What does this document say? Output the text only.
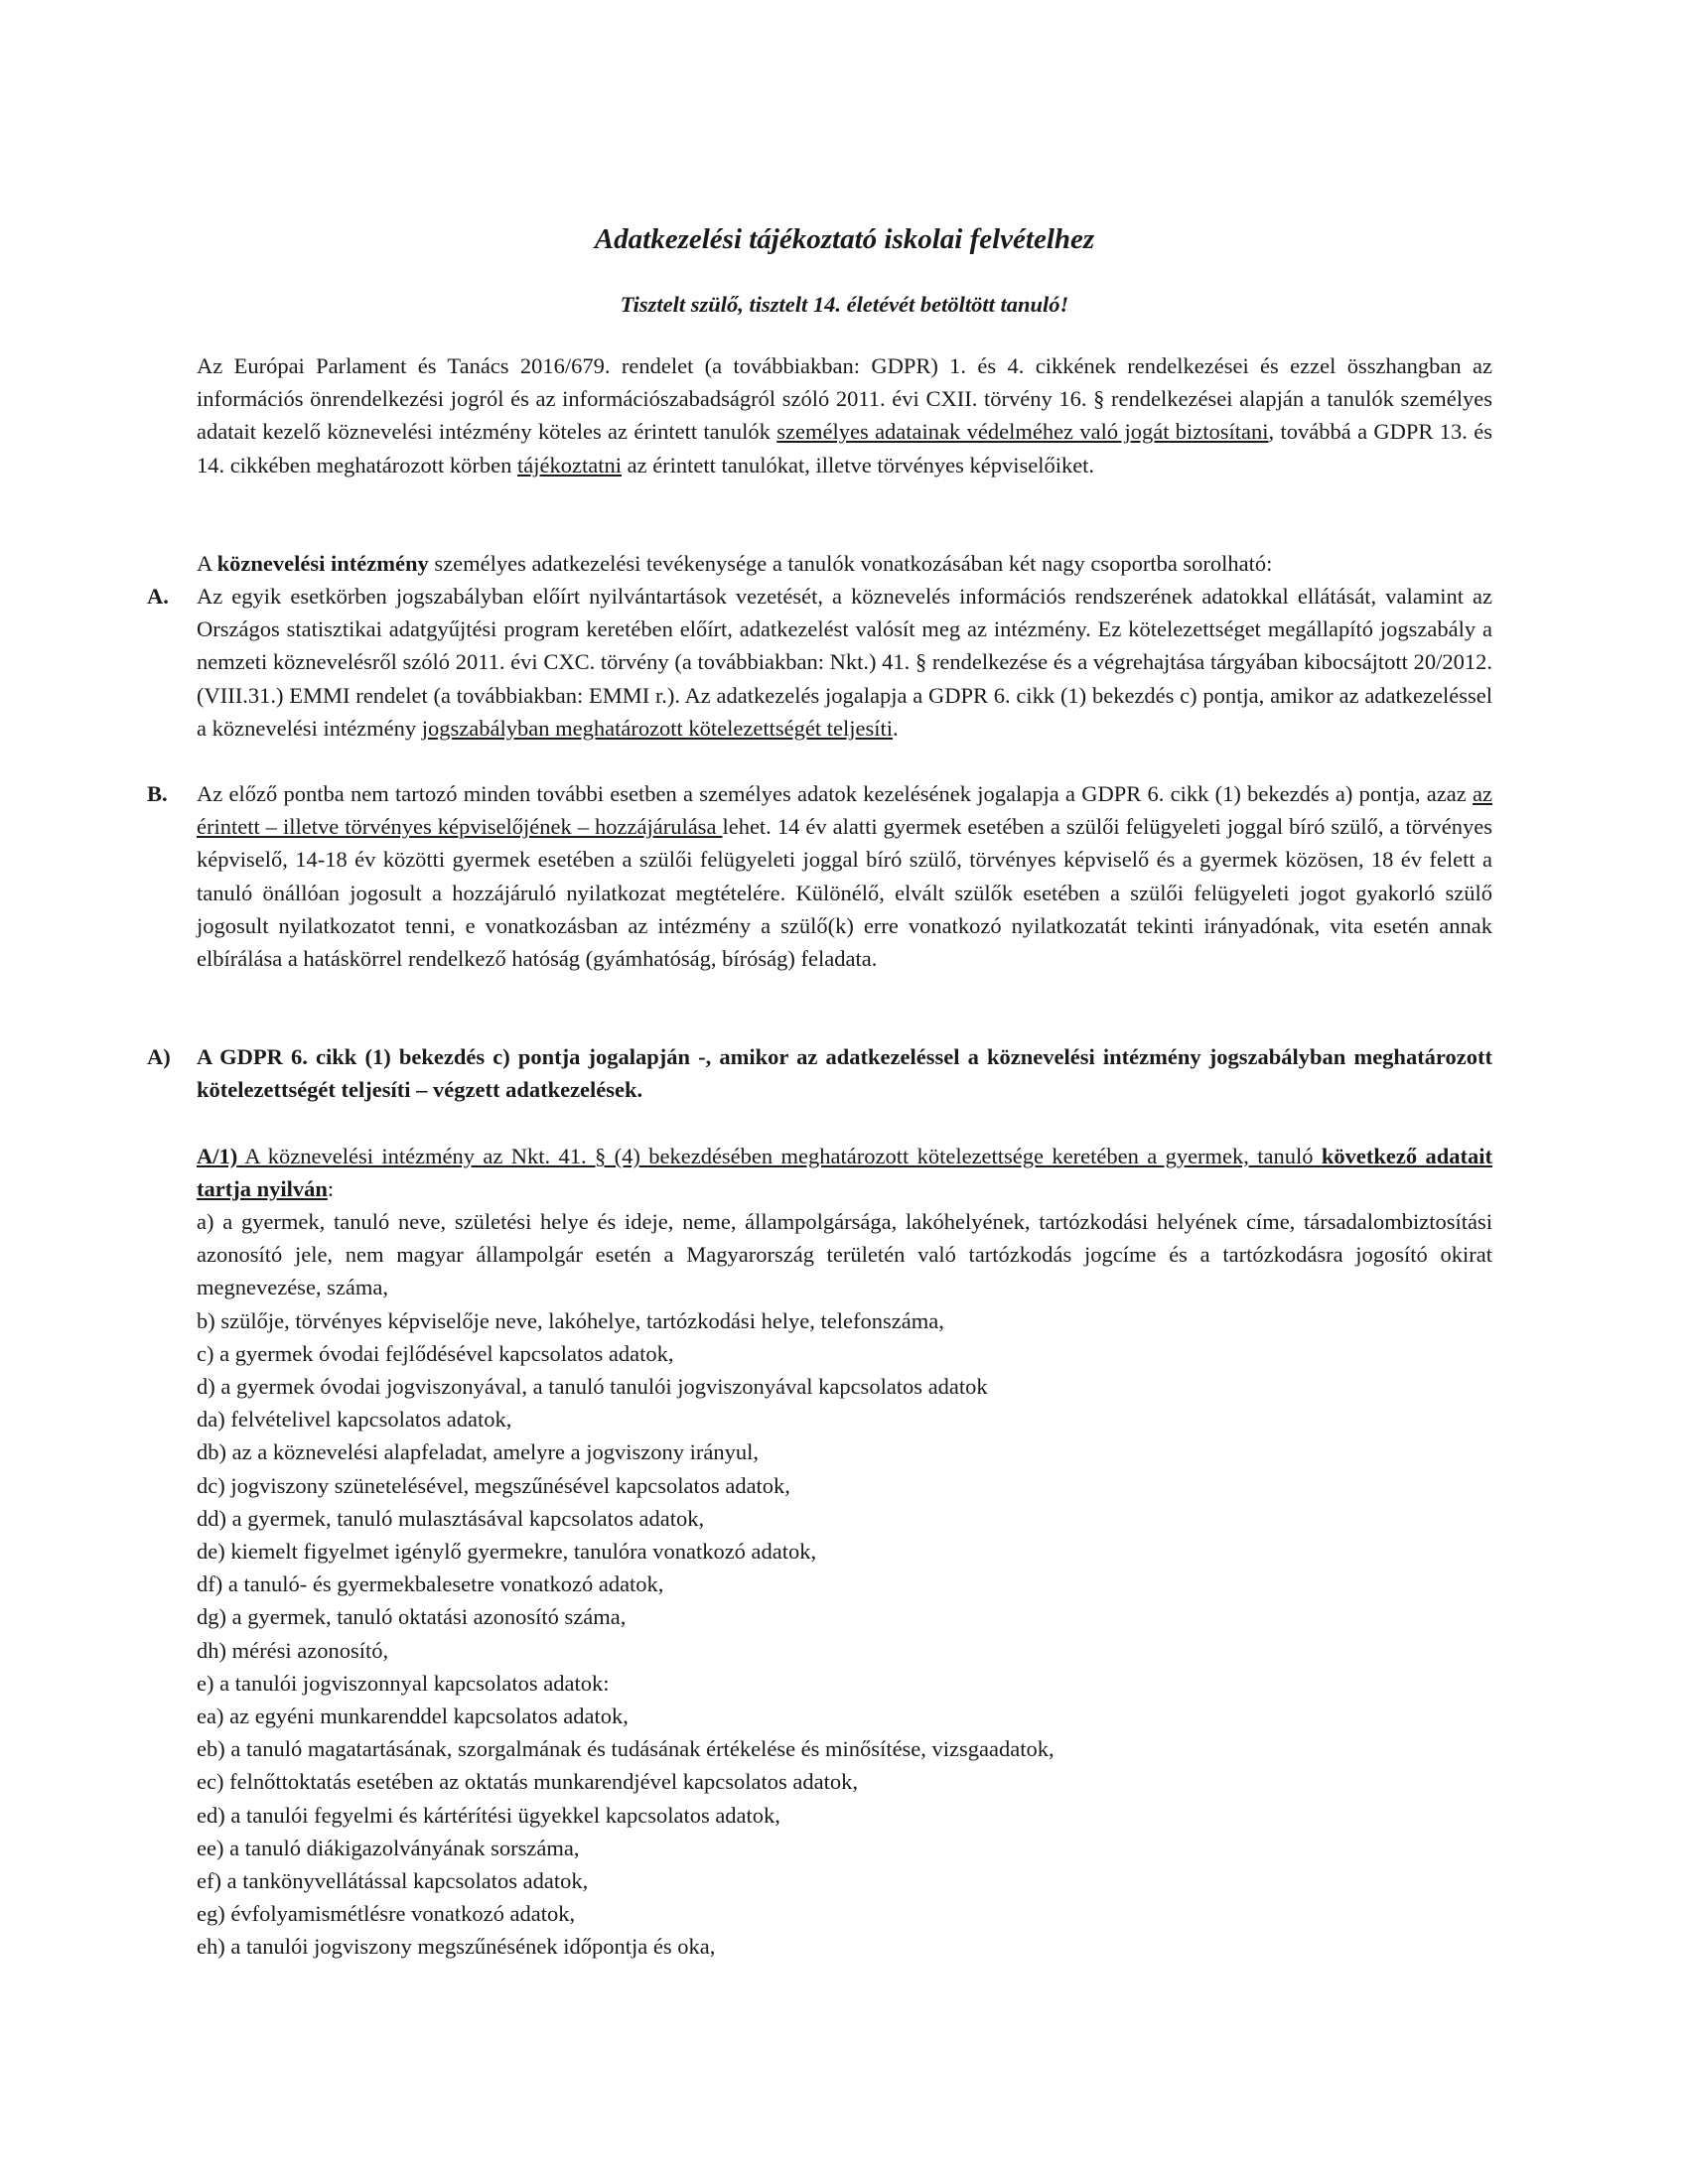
Adatkezelési tájékoztató iskolai felvételhez
Tisztelt szülő, tisztelt 14. életévét betöltött tanuló!
Az Európai Parlament és Tanács 2016/679. rendelet (a továbbiakban: GDPR) 1. és 4. cikkének rendelkezései és ezzel összhangban az információs önrendelkezési jogról és az információszabadságról szóló 2011. évi CXII. törvény 16. § rendelkezései alapján a tanulók személyes adatait kezelő köznevelési intézmény köteles az érintett tanulók személyes adatainak védelméhez való jogát biztosítani, továbbá a GDPR 13. és 14. cikkében meghatározott körben tájékoztatni az érintett tanulókat, illetve törvényes képviselőiket.
A köznevelési intézmény személyes adatkezelési tevékenysége a tanulók vonatkozásában két nagy csoportba sorolható:
A. Az egyik esetkörben jogszabályban előírt nyilvántartások vezetését, a köznevelés információs rendszerének adatokkal ellátását, valamint az Országos statisztikai adatgyűjtési program keretében előírt, adatkezelést valósít meg az intézmény. Ez kötelezettséget megállapító jogszabály a nemzeti köznevelésről szóló 2011. évi CXC. törvény (a továbbiakban: Nkt.) 41. § rendelkezése és a végrehajtása tárgyában kibocsájtott 20/2012. (VIII.31.) EMMI rendelet (a továbbiakban: EMMI r.). Az adatkezelés jogalapja a GDPR 6. cikk (1) bekezdés c) pontja, amikor az adatkezeléssel a köznevelési intézmény jogszabályban meghatározott kötelezettségét teljesíti.
B. Az előző pontba nem tartozó minden további esetben a személyes adatok kezelésének jogalapja a GDPR 6. cikk (1) bekezdés a) pontja, azaz az érintett – illetve törvényes képviselőjének – hozzájárulása lehet. 14 év alatti gyermek esetében a szülői felügyeleti joggal bíró szülő, a törvényes képviselő, 14-18 év közötti gyermek esetében a szülői felügyeleti joggal bíró szülő, törvényes képviselő és a gyermek közösen, 18 év felett a tanuló önállóan jogosult a hozzájáruló nyilatkozat megtételére. Különélő, elvált szülők esetében a szülői felügyeleti jogot gyakorló szülő jogosult nyilatkozatot tenni, e vonatkozásban az intézmény a szülő(k) erre vonatkozó nyilatkozatát tekinti irányadónak, vita esetén annak elbírálása a hatáskörrel rendelkező hatóság (gyámhatóság, bíróság) feladata.
A) A GDPR 6. cikk (1) bekezdés c) pontja jogalapján -, amikor az adatkezeléssel a köznevelési intézmény jogszabályban meghatározott kötelezettségét teljesíti – végzett adatkezelések.
A/1) A köznevelési intézmény az Nkt. 41. § (4) bekezdésében meghatározott kötelezettsége keretében a gyermek, tanuló következő adatait tartja nyilván:

a) a gyermek, tanuló neve, születési helye és ideje, neme, állampolgársága, lakóhelyének, tartózkodási helyének címe, társadalombiztosítási azonosító jele, nem magyar állampolgár esetén a Magyarország területén való tartózkodás jogcíme és a tartózkodásra jogosító okirat megnevezése, száma,

b) szülője, törvényes képviselője neve, lakóhelye, tartózkodási helye, telefonszáma,

c) a gyermek óvodai fejlődésével kapcsolatos adatok,

d) a gyermek óvodai jogviszonyával, a tanuló tanulói jogviszonyával kapcsolatos adatok

da) felvételivel kapcsolatos adatok,

db) az a köznevelési alapfeladat, amelyre a jogviszony irányul,

dc) jogviszony szünetelésével, megszűnésével kapcsolatos adatok,

dd) a gyermek, tanuló mulasztásával kapcsolatos adatok,

de) kiemelt figyelmet igénylő gyermekre, tanulóra vonatkozó adatok,

df) a tanuló- és gyermekbalesetre vonatkozó adatok,

dg) a gyermek, tanuló oktatási azonosító száma,

dh) mérési azonosító,

e) a tanulói jogviszonnyal kapcsolatos adatok:

ea) az egyéni munkarenddel kapcsolatos adatok,

eb) a tanuló magatartásának, szorgalmának és tudásának értékelése és minősítése, vizsgaadatok,

ec) felnőttoktatás esetében az oktatás munkarendjével kapcsolatos adatok,

ed) a tanulói fegyelmi és kártérítési ügyekkel kapcsolatos adatok,

ee) a tanuló diákigazolványának sorszáma,

ef) a tankönyvellátással kapcsolatos adatok,

eg) évfolyamismétlésre vonatkozó adatok,

eh) a tanulói jogviszony megszűnésének időpontja és oka,
